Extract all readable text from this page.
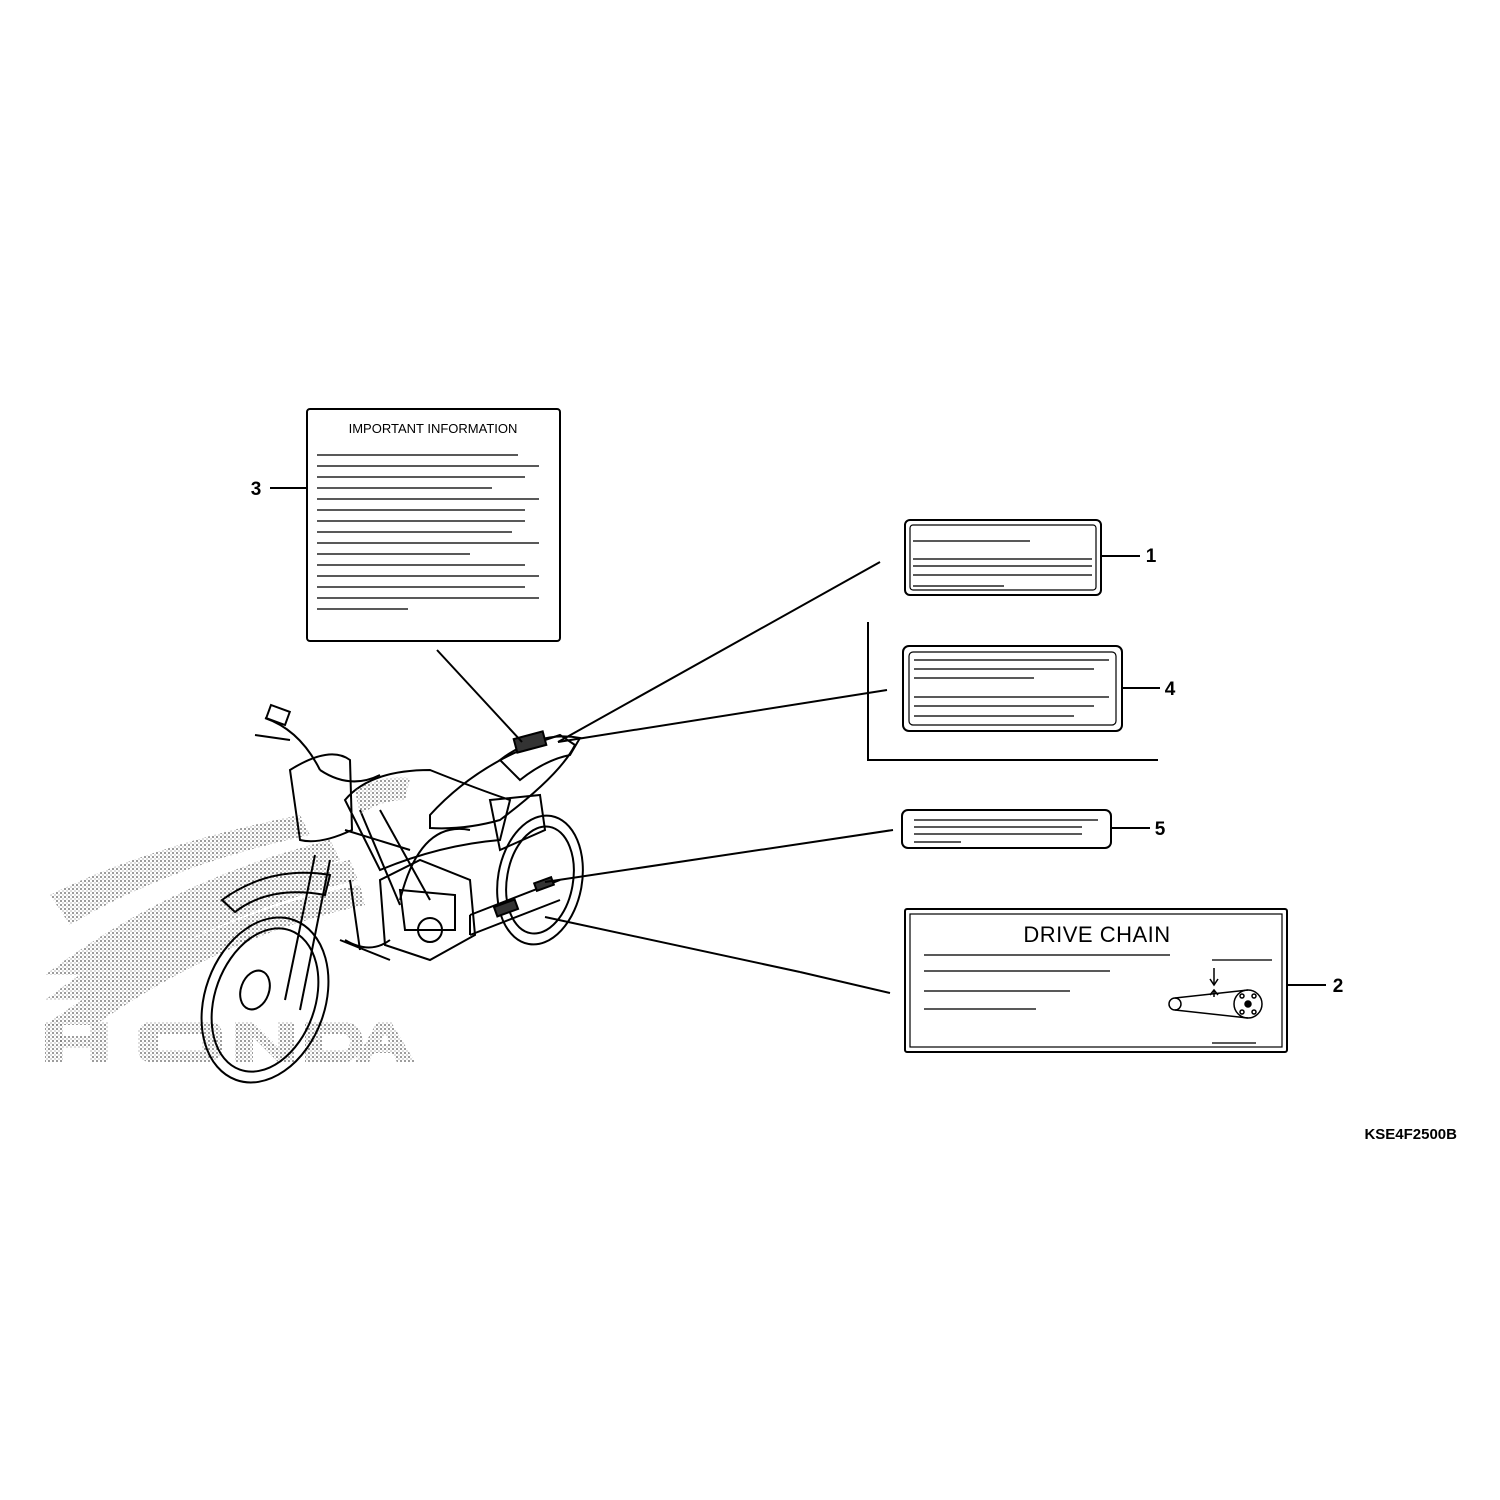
IMPORTANT INFORMATION
DRIVE CHAIN
3
1
4
5
2
KSE4F2500B
